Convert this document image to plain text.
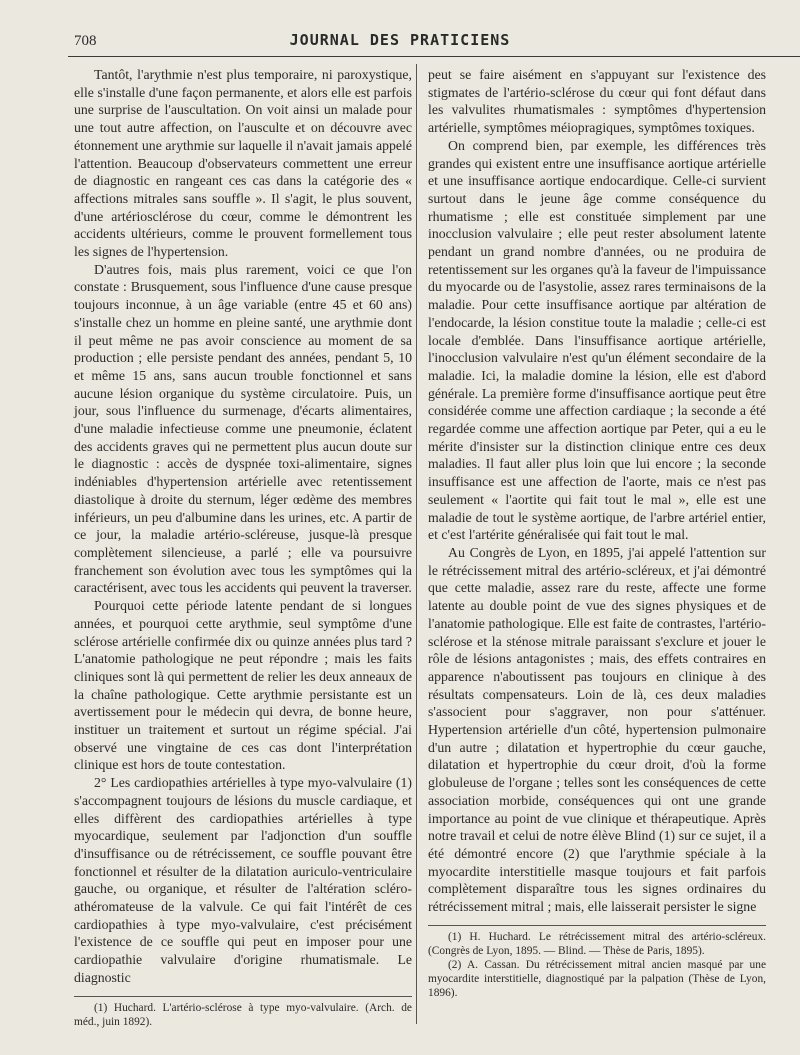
708	JOURNAL DES PRATICIENS

Tantôt, l'arythmie n'est plus temporaire, ni paroxystique, elle s'installe d'une façon permanente, et alors elle est parfois une surprise de l'auscultation. On voit ainsi un malade pour une tout autre affection, on l'ausculte et on découvre avec étonnement une arythmie sur laquelle il n'avait jamais appelé l'attention. Beaucoup d'observateurs commettent une erreur de diagnostic en rangeant ces cas dans la catégorie des « affections mitrales sans souffle ». Il s'agit, le plus souvent, d'une artériosclérose du cœur, comme le démontrent les accidents ultérieurs, comme le prouvent formellement tous les signes de l'hypertension.

D'autres fois, mais plus rarement, voici ce que l'on constate : Brusquement, sous l'influence d'une cause presque toujours inconnue, à un âge variable (entre 45 et 60 ans) s'installe chez un homme en pleine santé, une arythmie dont il peut même ne pas avoir conscience au moment de sa production ; elle persiste pendant des années, pendant 5, 10 et même 15 ans, sans aucun trouble fonctionnel et sans aucune lésion organique du système circulatoire. Puis, un jour, sous l'influence du surmenage, d'écarts alimentaires, d'une maladie infectieuse comme une pneumonie, éclatent des accidents graves qui ne permettent plus aucun doute sur le diagnostic : accès de dyspnée toxi-alimentaire, signes indéniables d'hypertension artérielle avec retentissement diastolique à droite du sternum, léger œdème des membres inférieurs, un peu d'albumine dans les urines, etc. A partir de ce jour, la maladie artério-scléreuse, jusque-là presque complètement silencieuse, a parlé ; elle va poursuivre franchement son évolution avec tous les symptômes qui la caractérisent, avec tous les accidents qui peuvent la traverser.

Pourquoi cette période latente pendant de si longues années, et pourquoi cette arythmie, seul symptôme d'une sclérose artérielle confirmée dix ou quinze années plus tard ? L'anatomie pathologique ne peut répondre ; mais les faits cliniques sont là qui permettent de relier les deux anneaux de la chaîne pathologique. Cette arythmie persistante est un avertissement pour le médecin qui devra, de bonne heure, instituer un traitement et surtout un régime spécial. J'ai observé une vingtaine de ces cas dont l'interprétation clinique est hors de toute contestation.

2° Les cardiopathies artérielles à type myo-valvulaire (1) s'accompagnent toujours de lésions du muscle cardiaque, et elles diffèrent des cardiopathies artérielles à type myocardique, seulement par l'adjonction d'un souffle d'insuffisance ou de rétrécissement, ce souffle pouvant être fonctionnel et résulter de la dilatation auriculo-ventriculaire gauche, ou organique, et résulter de l'altération scléro-athéromateuse de la valvule. Ce qui fait l'intérêt de ces cardiopathies à type myo-valvulaire, c'est précisément l'existence de ce souffle qui peut en imposer pour une cardiopathie valvulaire d'origine rhumatismale. Le diagnostic

(1) Huchard. L'artério-sclérose à type myo-valvulaire. (Arch. de méd., juin 1892).

peut se faire aisément en s'appuyant sur l'existence des stigmates de l'artério-sclérose du cœur qui font défaut dans les valvulites rhumatismales : symptômes d'hypertension artérielle, symptômes méiopragiques, symptômes toxiques.

On comprend bien, par exemple, les différences très grandes qui existent entre une insuffisance aortique artérielle et une insuffisance aortique endocardique. Celle-ci survient surtout dans le jeune âge comme conséquence du rhumatisme ; elle est constituée simplement par une inocclusion valvulaire ; elle peut rester absolument latente pendant un grand nombre d'années, ou ne produira de retentissement sur les organes qu'à la faveur de l'impuissance du myocarde ou de l'asystolie, assez rares terminaisons de la maladie. Pour cette insuffisance aortique par altération de l'endocarde, la lésion constitue toute la maladie ; celle-ci est locale d'emblée. Dans l'insuffisance aortique artérielle, l'inocclusion valvulaire n'est qu'un élément secondaire de la maladie. Ici, la maladie domine la lésion, elle est d'abord générale. La première forme d'insuffisance aortique peut être considérée comme une affection cardiaque ; la seconde a été regardée comme une affection aortique par Peter, qui a eu le mérite d'insister sur la distinction clinique entre ces deux maladies. Il faut aller plus loin que lui encore ; la seconde insuffisance est une affection de l'aorte, mais ce n'est pas seulement « l'aortite qui fait tout le mal », elle est une maladie de tout le système aortique, de l'arbre artériel entier, et c'est l'artérite généralisée qui fait tout le mal.

Au Congrès de Lyon, en 1895, j'ai appelé l'attention sur le rétrécissement mitral des artério-scléreux, et j'ai démontré que cette maladie, assez rare du reste, affecte une forme latente au double point de vue des signes physiques et de l'anatomie pathologique. Elle est faite de contrastes, l'artério-sclérose et la sténose mitrale paraissant s'exclure et jouer le rôle de lésions antagonistes ; mais, des effets contraires en apparence n'aboutissent pas toujours en clinique à des résultats compensateurs. Loin de là, ces deux maladies s'associent pour s'aggraver, non pour s'atténuer. Hypertension artérielle d'un côté, hypertension pulmonaire d'un autre ; dilatation et hypertrophie du cœur gauche, dilatation et hypertrophie du cœur droit, d'où la forme globuleuse de l'organe ; telles sont les conséquences de cette association morbide, conséquences qui ont une grande importance au point de vue clinique et thérapeutique. Après notre travail et celui de notre élève Blind (1) sur ce sujet, il a été démontré encore (2) que l'arythmie spéciale à la myocardite interstitielle masque toujours et fait parfois complètement disparaître tous les signes ordinaires du rétrécissement mitral ; mais, elle laisserait persister le signe

(1) H. Huchard. Le rétrécissement mitral des artério-scléreux. (Congrès de Lyon, 1895. — Blind. — Thèse de Paris, 1895).

(2) A. Cassan. Du rétrécissement mitral ancien masqué par une myocardite interstitielle, diagnostiqué par la palpation (Thèse de Lyon, 1896).
